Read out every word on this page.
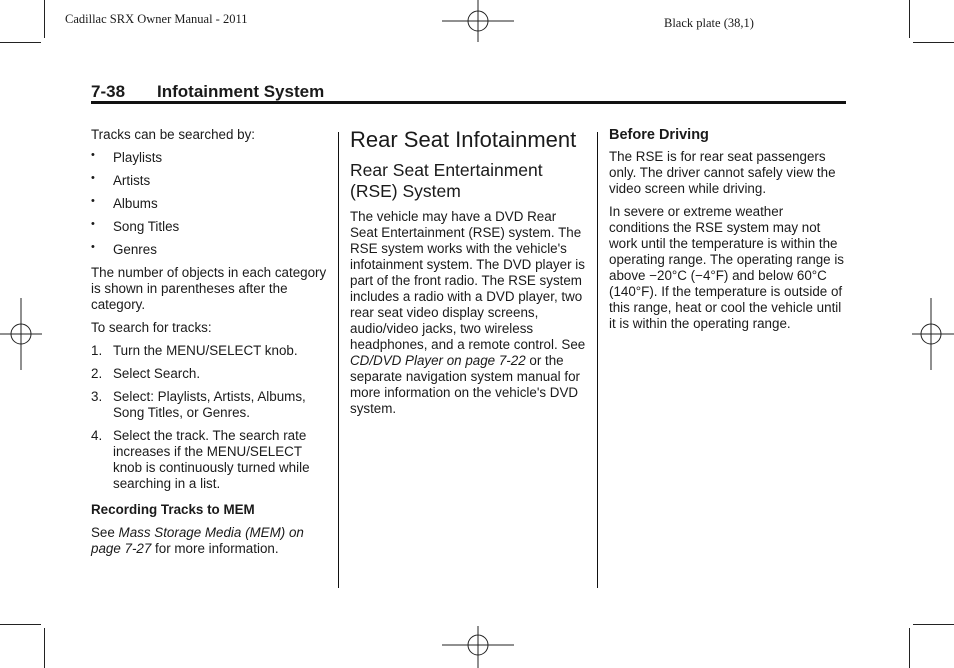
Cadillac SRX Owner Manual - 2011	Black plate (38,1)
7-38 Infotainment System

Tracks can be searched by:

• Playlists
• Artists
• Albums
• Song Titles
• Genres

The number of objects in each category is shown in parentheses after the category.

To search for tracks:

1. Turn the MENU/SELECT knob.
2. Select Search.
3. Select: Playlists, Artists, Albums, Song Titles, or Genres.
4. Select the track. The search rate increases if the MENU/SELECT knob is continuously turned while searching in a list.
Recording Tracks to MEM

See Mass Storage Media (MEM) on page 7-27 for more information.

Rear Seat Infotainment
Rear Seat Entertainment (RSE) System

The vehicle may have a DVD Rear Seat Entertainment (RSE) system. The RSE system works with the vehicle's infotainment system. The DVD player is part of the front radio. The RSE system includes a radio with a DVD player, two rear seat video display screens, audio/video jacks, two wireless headphones, and a remote control. See CD/DVD Player on page 7-22 or the separate navigation system manual for more information on the vehicle's DVD system.

Before Driving

The RSE is for rear seat passengers only. The driver cannot safely view the video screen while driving.

In severe or extreme weather conditions the RSE system may not work until the temperature is within the operating range. The operating range is above −20°C (−4°F) and below 60°C (140°F). If the temperature is outside of this range, heat or cool the vehicle until it is within the operating range.
